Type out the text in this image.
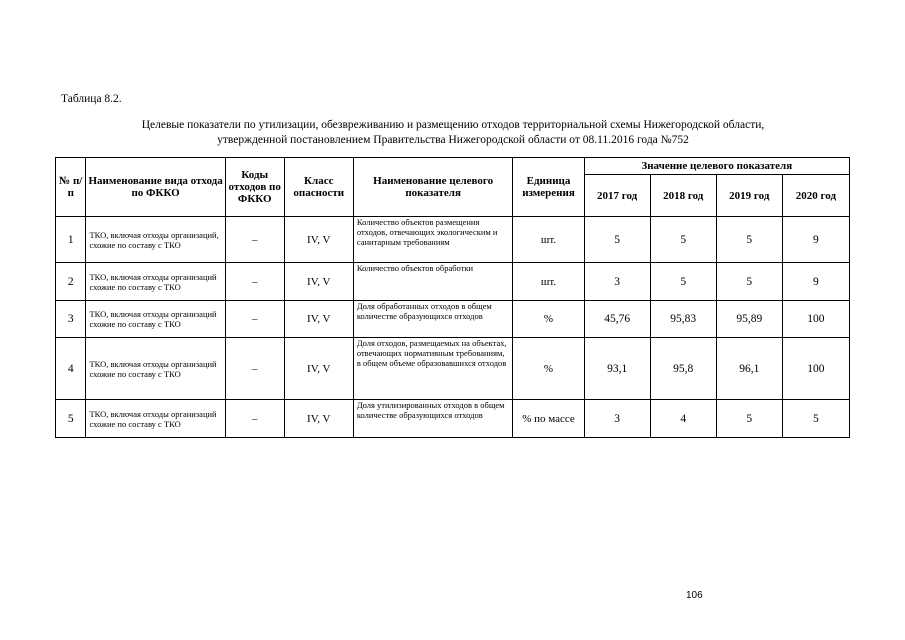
Таблица 8.2.
Целевые показатели по утилизации, обезвреживанию и размещению отходов территориальной схемы Нижегородской области,
утвержденной постановлением Правительства Нижегородской области от 08.11.2016 года №752
№ п/п	Наименование вида отхода по ФККО	Коды отходов по ФККО	Класс опасности	Наименование целевого показателя	Единица измерения	Значение целевого показателя			
						2017 год	2018 год	2019 год	2020 год
1	ТКО, включая отходы организаций, схожие по составу с ТКО	–	IV, V	Количество объектов размещения отходов, отвечающих экологическим и санитарным требованиям	шт.	5	5	5	9
2	ТКО, включая отходы организаций схожие по составу с ТКО	–	IV, V	Количество объектов обработки	шт.	3	5	5	9
3	ТКО, включая отходы организаций схожие по составу с ТКО	–	IV, V	Доля обработанных отходов в общем количестве образующихся отходов	%	45,76	95,83	95,89	100
4	ТКО, включая отходы организаций схожие по составу с ТКО	–	IV, V	Доля отходов, размещаемых на объектах, отвечающих нормативным требованиям, в общем объеме образовавшихся отходов	%	93,1	95,8	96,1	100
5	ТКО, включая отходы организаций схожие по составу с ТКО	–	IV, V	Доля утилизированных отходов в общем количестве образующихся отходов	% по массе	3	4	5	5
106
